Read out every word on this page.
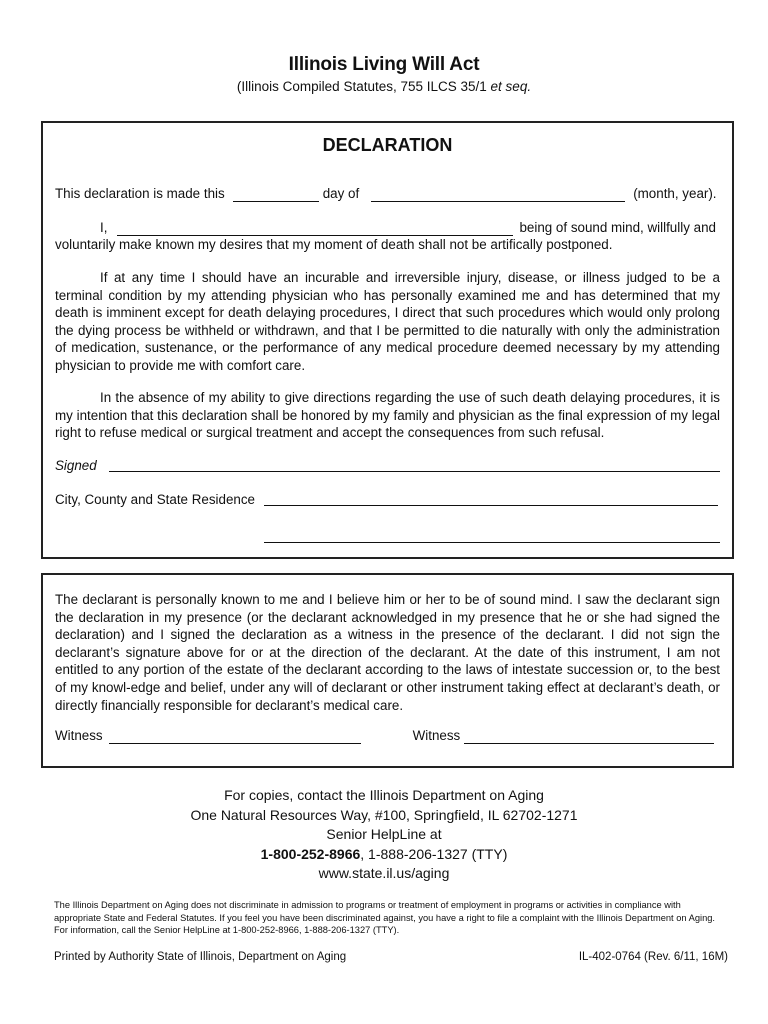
Illinois Living Will Act
(Illinois Compiled Statutes, 755 ILCS 35/1 et seq.
DECLARATION
This declaration is made this	day of	(month, year).
I,	being of sound mind, willfully and
voluntarily make known my desires that my moment of death shall not be artifically postponed.
If at any time I should have an incurable and irreversible injury, disease, or illness judged to be a terminal condition by my attending physician who has personally examined me and has determined that my death is imminent except for death delaying procedures, I direct that such procedures which would only prolong the dying process be withheld or withdrawn, and that I be permitted to die naturally with only the administration of medication, sustenance, or the performance of any medical procedure deemed necessary by my attending physician to provide me with comfort care.
In the absence of my ability to give directions regarding the use of such death delaying procedures, it is my intention that this declaration shall be honored by my family and physician as the final expression of my legal right to refuse medical or surgical treatment and accept the consequences from such refusal.
Signed
City, County and State Residence
The declarant is personally known to me and I believe him or her to be of sound mind. I saw the declarant sign the declaration in my presence (or the declarant acknowledged in my presence that he or she had signed the declaration) and I signed the declaration as a witness in the presence of the declarant. I did not sign the declarant’s signature above for or at the direction of the declarant. At the date of this instrument, I am not entitled to any portion of the estate of the declarant according to the laws of intestate succession or, to the best of my knowl-edge and belief, under any will of declarant or other instrument taking effect at declarant’s death, or directly financially responsible for declarant’s medical care.
Witness	Witness
For copies, contact the Illinois Department on Aging
One Natural Resources Way, #100, Springfield, IL 62702-1271
Senior HelpLine at
1-800-252-8966, 1-888-206-1327 (TTY)
www.state.il.us/aging
The Illinois Department on Aging does not discriminate in admission to programs or treatment of employment in programs or activities in compliance with appropriate State and Federal Statutes. If you feel you have been discriminated against, you have a right to file a complaint with the Illinois Department on Aging. For information, call the Senior HelpLine at 1-800-252-8966, 1-888-206-1327 (TTY).
Printed by Authority State of Illinois, Department on Aging	IL-402-0764 (Rev. 6/11, 16M)
